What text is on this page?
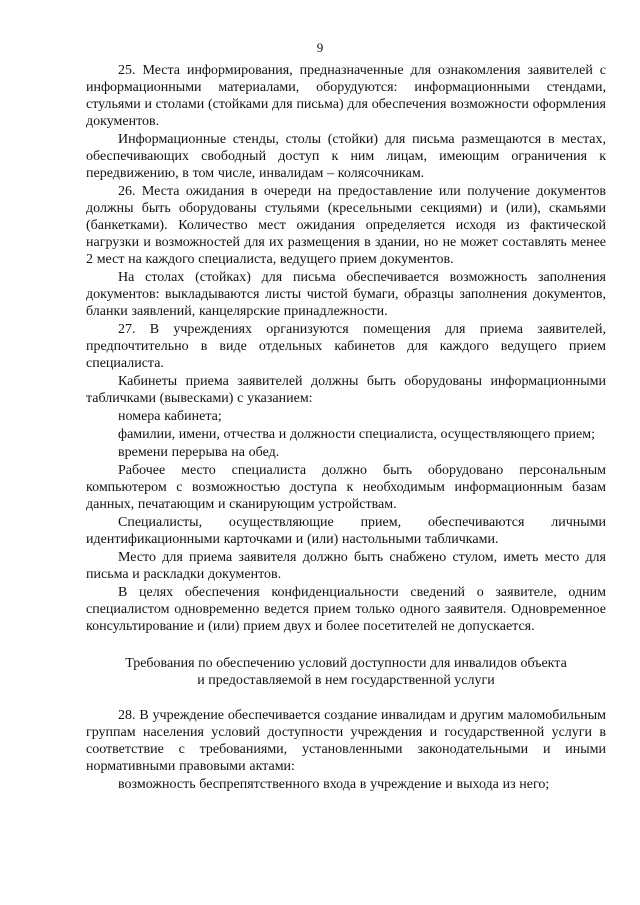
9

25. Места информирования, предназначенные для ознакомления заявителей с информационными материалами, оборудуются: информационными стендами, стульями и столами (стойками для письма) для обеспечения возможности оформления документов.

Информационные стенды, столы (стойки) для письма размещаются в местах, обеспечивающих свободный доступ к ним лицам, имеющим ограничения к передвижению, в том числе, инвалидам – колясочникам.

26. Места ожидания в очереди на предоставление или получение документов должны быть оборудованы стульями (кресельными секциями) и (или), скамьями (банкетками). Количество мест ожидания определяется исходя из фактической нагрузки и возможностей для их размещения в здании, но не может составлять менее 2 мест на каждого специалиста, ведущего прием документов.

На столах (стойках) для письма обеспечивается возможность заполнения документов: выкладываются листы чистой бумаги, образцы заполнения документов, бланки заявлений, канцелярские принадлежности.

27. В учреждениях организуются помещения для приема заявителей, предпочтительно в виде отдельных кабинетов для каждого ведущего прием специалиста.

Кабинеты приема заявителей должны быть оборудованы информационными табличками (вывесками) с указанием:

номера кабинета;

фамилии, имени, отчества и должности специалиста, осуществляющего прием;

времени перерыва на обед.

Рабочее место специалиста должно быть оборудовано персональным компьютером с возможностью доступа к необходимым информационным базам данных, печатающим и сканирующим устройствам.

Специалисты, осуществляющие прием, обеспечиваются личными идентификационными карточками и (или) настольными табличками.

Место для приема заявителя должно быть снабжено стулом, иметь место для письма и раскладки документов.

В целях обеспечения конфиденциальности сведений о заявителе, одним специалистом одновременно ведется прием только одного заявителя. Одновременное консультирование и (или) прием двух и более посетителей не допускается.

Требования по обеспечению условий доступности для инвалидов объекта
и предоставляемой в нем государственной услуги

28. В учреждение обеспечивается создание инвалидам и другим маломобильным группам населения условий доступности учреждения и государственной услуги в соответствие с требованиями, установленными законодательными и иными нормативными правовыми актами:

возможность беспрепятственного входа в учреждение и выхода из него;
